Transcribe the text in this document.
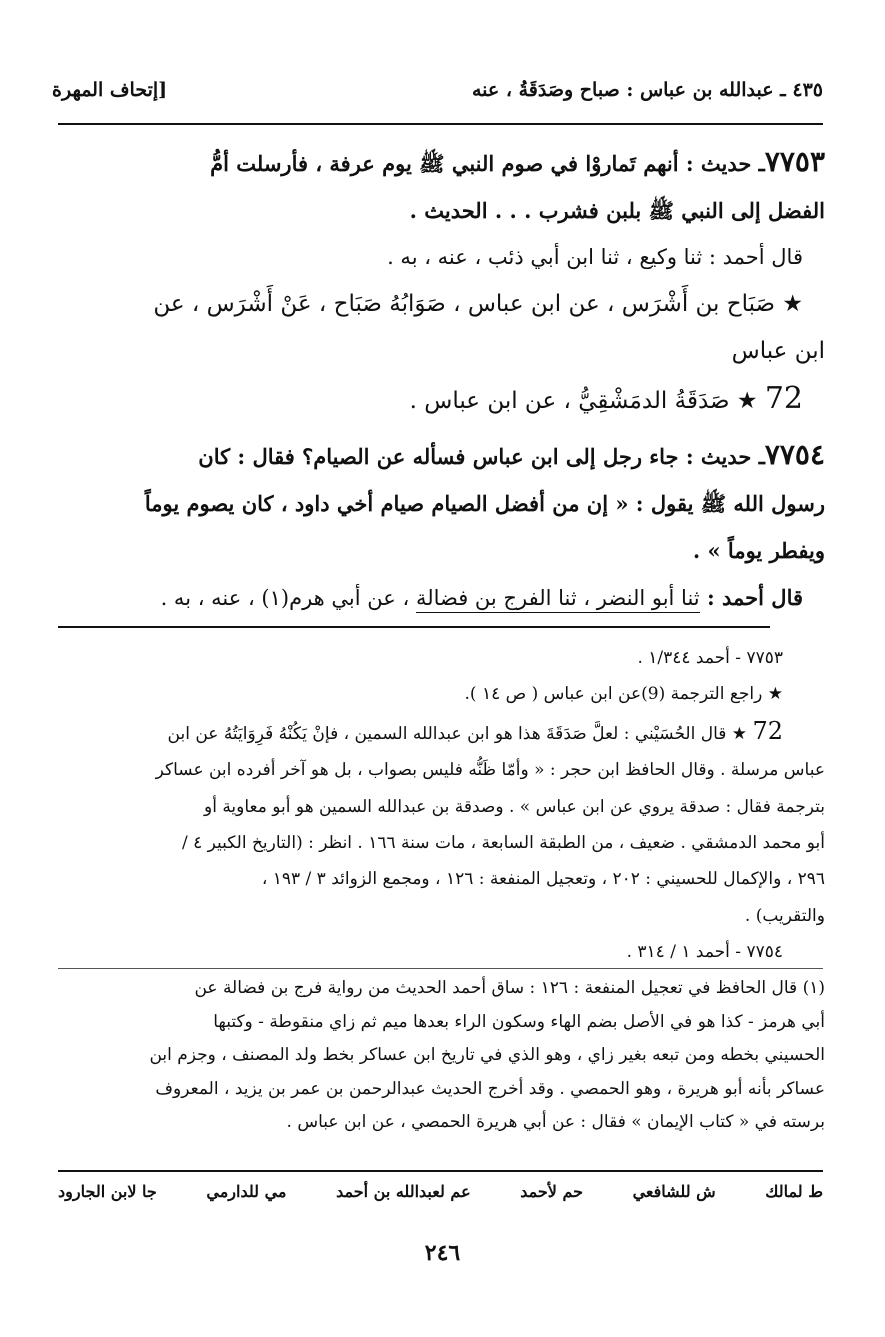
٤٣٥ ـ عبدالله بن عباس : صباح وصَدَقَةُ ، عنه
[إتحاف المهرة

٧٧٥٣ـ حديث : أنهم تَماروْا في صوم النبي ﷺ يوم عرفة ، فأرسلت أمُّ

الفضل إلى النبي ﷺ بلبن فشرب . . . الحديث .

قال أحمد : ثنا وكيع ، ثنا ابن أبي ذئب ، عنه ، به .

★ صَبَاح بن أَشْرَس ، عن ابن عباس ، صَوَابُهُ صَبَاح ، عَنْ أَشْرَس ، عن

ابن عباس

72 ★ صَدَقَةُ الدمَشْقِيُّ ، عن ابن عباس .

٧٧٥٤ـ حديث : جاء رجل إلى ابن عباس فسأله عن الصيام؟ فقال : كان

رسول الله ﷺ يقول : « إن من أفضل الصيام صيام أخي داود ، كان يصوم يوماً

ويفطر يوماً » .

قال أحمد : ثنا أبو النضر ، ثنا الفرج بن فضالة ، عن أبي هرم(١) ، عنه ، به .

٧٧٥٣ - أحمد ١/٣٤٤ .

★ راجع الترجمة (9)عن ابن عباس ( ص ١٤ ).

72 ★ قال الحُسَيْني : لعلَّ صَدَقَةَ هذا هو ابن عبدالله السمين ، فإنْ يَكُنْهُ فَرِوَايَتُهُ عن ابن

عباس مرسلة . وقال الحافظ ابن حجر : « وأمّا ظَنُّه فليس بصواب ، بل هو آخر أفرده ابن عساكر

بترجمة فقال : صدقة يروي عن ابن عباس » . وصدقة بن عبدالله السمين هو أبو معاوية أو

أبو محمد الدمشقي . ضعيف ، من الطبقة السابعة ، مات سنة ١٦٦ . انظر : (التاريخ الكبير ٤ /

٢٩٦ ، والإكمال للحسيني : ٢٠٢ ، وتعجيل المنفعة : ١٢٦ ، ومجمع الزوائد ٣ / ١٩٣ ،

والتقريب) .

٧٧٥٤ - أحمد ١ / ٣١٤ .

(١) قال الحافظ في تعجيل المنفعة : ١٢٦ : ساق أحمد الحديث من رواية فرج بن فضالة عن

أبي هرمز - كذا هو في الأصل بضم الهاء وسكون الراء بعدها ميم ثم زاي منقوطة - وكتبها

الحسيني بخطه ومن تبعه بغير زاي ، وهو الذي في تاريخ ابن عساكر بخط ولد المصنف ، وجزم ابن

عساكر بأنه أبو هريرة ، وهو الحمصي . وقد أخرج الحديث عبدالرحمن بن عمر بن يزيد ، المعروف

برسته في « كتاب الإيمان » فقال : عن أبي هريرة الحمصي ، عن ابن عباس .

ط لمالك
ش للشافعي
حم لأحمد
عم لعبدالله بن أحمد
مي للدارمي
جا لابن الجارود
٢٤٦
